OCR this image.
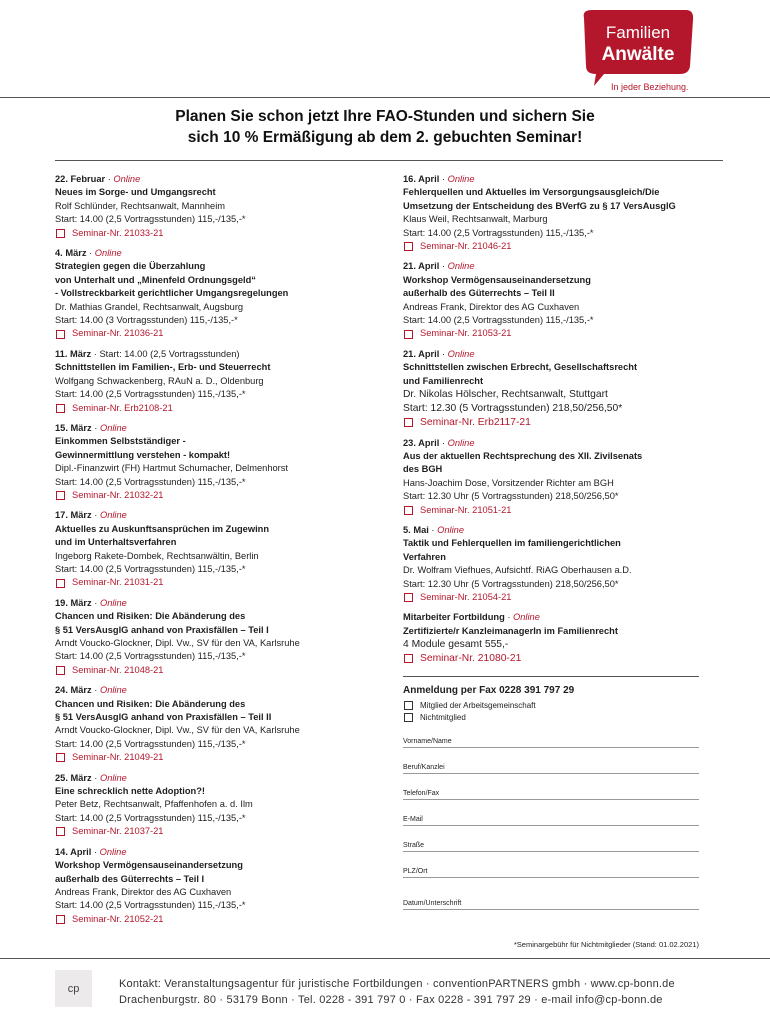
Familien
Anwälte
In jeder Beziehung.
Planen Sie schon jetzt Ihre FAO-Stunden und sichern Sie
sich 10 % Ermäßigung ab dem 2. gebuchten Seminar!
22. Februar · Online
Neues im Sorge- und Umgangsrecht
Rolf Schlünder, Rechtsanwalt, Mannheim
Start: 14.00 (2,5 Vortragsstunden) 115,-/135,-*
Seminar-Nr. 21033-21
4. März · Online
Strategien gegen die Überzahlung
von Unterhalt und „Minenfeld Ordnungsgeld“
- Vollstreckbarkeit gerichtlicher Umgangsregelungen
Dr. Mathias Grandel, Rechtsanwalt, Augsburg
Start: 14.00 (3 Vortragsstunden) 115,-/135,-*
Seminar-Nr. 21036-21
11. März · Start: 14.00 (2,5 Vortragsstunden)
Schnittstellen im Familien-, Erb- und Steuerrecht
Wolfgang Schwackenberg, RAuN a. D., Oldenburg
Start: 14.00 (2,5 Vortragsstunden) 115,-/135,-*
Seminar-Nr. Erb2108-21
15. März · Online
Einkommen Selbstständiger -
Gewinnermittlung verstehen - kompakt!
Dipl.-Finanzwirt (FH) Hartmut Schumacher, Delmenhorst
Start: 14.00 (2,5 Vortragsstunden) 115,-/135,-*
Seminar-Nr. 21032-21
17. März · Online
Aktuelles zu Auskunftsansprüchen im Zugewinn
und im Unterhaltsverfahren
Ingeborg Rakete-Dombek, Rechtsanwältin, Berlin
Start: 14.00 (2,5 Vortragsstunden) 115,-/135,-*
Seminar-Nr. 21031-21
19. März · Online
Chancen und Risiken: Die Abänderung des
§ 51 VersAusglG anhand von Praxisfällen – Teil I
Arndt Voucko-Glockner, Dipl. Vw., SV für den VA, Karlsruhe
Start: 14.00 (2,5 Vortragsstunden) 115,-/135,-*
Seminar-Nr. 21048-21
24. März · Online
Chancen und Risiken: Die Abänderung des
§ 51 VersAusglG anhand von Praxisfällen – Teil II
Arndt Voucko-Glockner, Dipl. Vw., SV für den VA, Karlsruhe
Start: 14.00 (2,5 Vortragsstunden) 115,-/135,-*
Seminar-Nr. 21049-21
25. März · Online
Eine schrecklich nette Adoption?!
Peter Betz, Rechtsanwalt, Pfaffenhofen a. d. Ilm
Start: 14.00 (2,5 Vortragsstunden) 115,-/135,-*
Seminar-Nr. 21037-21
14. April · Online
Workshop Vermögensauseinandersetzung
außerhalb des Güterrechts – Teil I
Andreas Frank, Direktor des AG Cuxhaven
Start: 14.00 (2,5 Vortragsstunden) 115,-/135,-*
Seminar-Nr. 21052-21
16. April · Online
Fehlerquellen und Aktuelles im Versorgungsausgleich/Die
Umsetzung der Entscheidung des BVerfG zu § 17 VersAusglG
Klaus Weil, Rechtsanwalt, Marburg
Start: 14.00 (2,5 Vortragsstunden) 115,-/135,-*
Seminar-Nr. 21046-21
21. April · Online
Workshop Vermögensauseinandersetzung
außerhalb des Güterrechts – Teil II
Andreas Frank, Direktor des AG Cuxhaven
Start: 14.00 (2,5 Vortragsstunden) 115,-/135,-*
Seminar-Nr. 21053-21
21. April · Online
Schnittstellen zwischen Erbrecht, Gesellschaftsrecht
und Familienrecht
Dr. Nikolas Hölscher, Rechtsanwalt, Stuttgart
Start: 12.30 (5 Vortragsstunden) 218,50/256,50*
Seminar-Nr. Erb2117-21
23. April · Online
Aus der aktuellen Rechtsprechung des XII. Zivilsenats
des BGH
Hans-Joachim Dose, Vorsitzender Richter am BGH
Start: 12.30 Uhr (5 Vortragsstunden) 218,50/256,50*
Seminar-Nr. 21051-21
5. Mai · Online
Taktik und Fehlerquellen im familiengerichtlichen
Verfahren
Dr. Wolfram Viefhues, Aufsichtf. RiAG Oberhausen a.D.
Start: 12.30 Uhr (5 Vortragsstunden) 218,50/256,50*
Seminar-Nr. 21054-21
Mitarbeiter Fortbildung · Online
Zertifizierte/r KanzleimanagerIn im Familienrecht
4 Module gesamt 555,-
Seminar-Nr. 21080-21
Anmeldung per Fax 0228 391 797 29
Mitglied der Arbeitsgemeinschaft
Nichtmitglied
Vorname/Name
Beruf/Kanzlei
Telefon/Fax
E-Mail
Straße
PLZ/Ort
Datum/Unterschrift
*Seminargebühr für Nichtmitglieder (Stand: 01.02.2021)
cp	Kontakt: Veranstaltungsagentur für juristische Fortbildungen · conventionPARTNERS gmbh · www.cp-bonn.de
Drachenburgstr. 80 · 53179 Bonn · Tel. 0228 - 391 797 0 · Fax 0228 - 391 797 29 · e-mail info@cp-bonn.de
